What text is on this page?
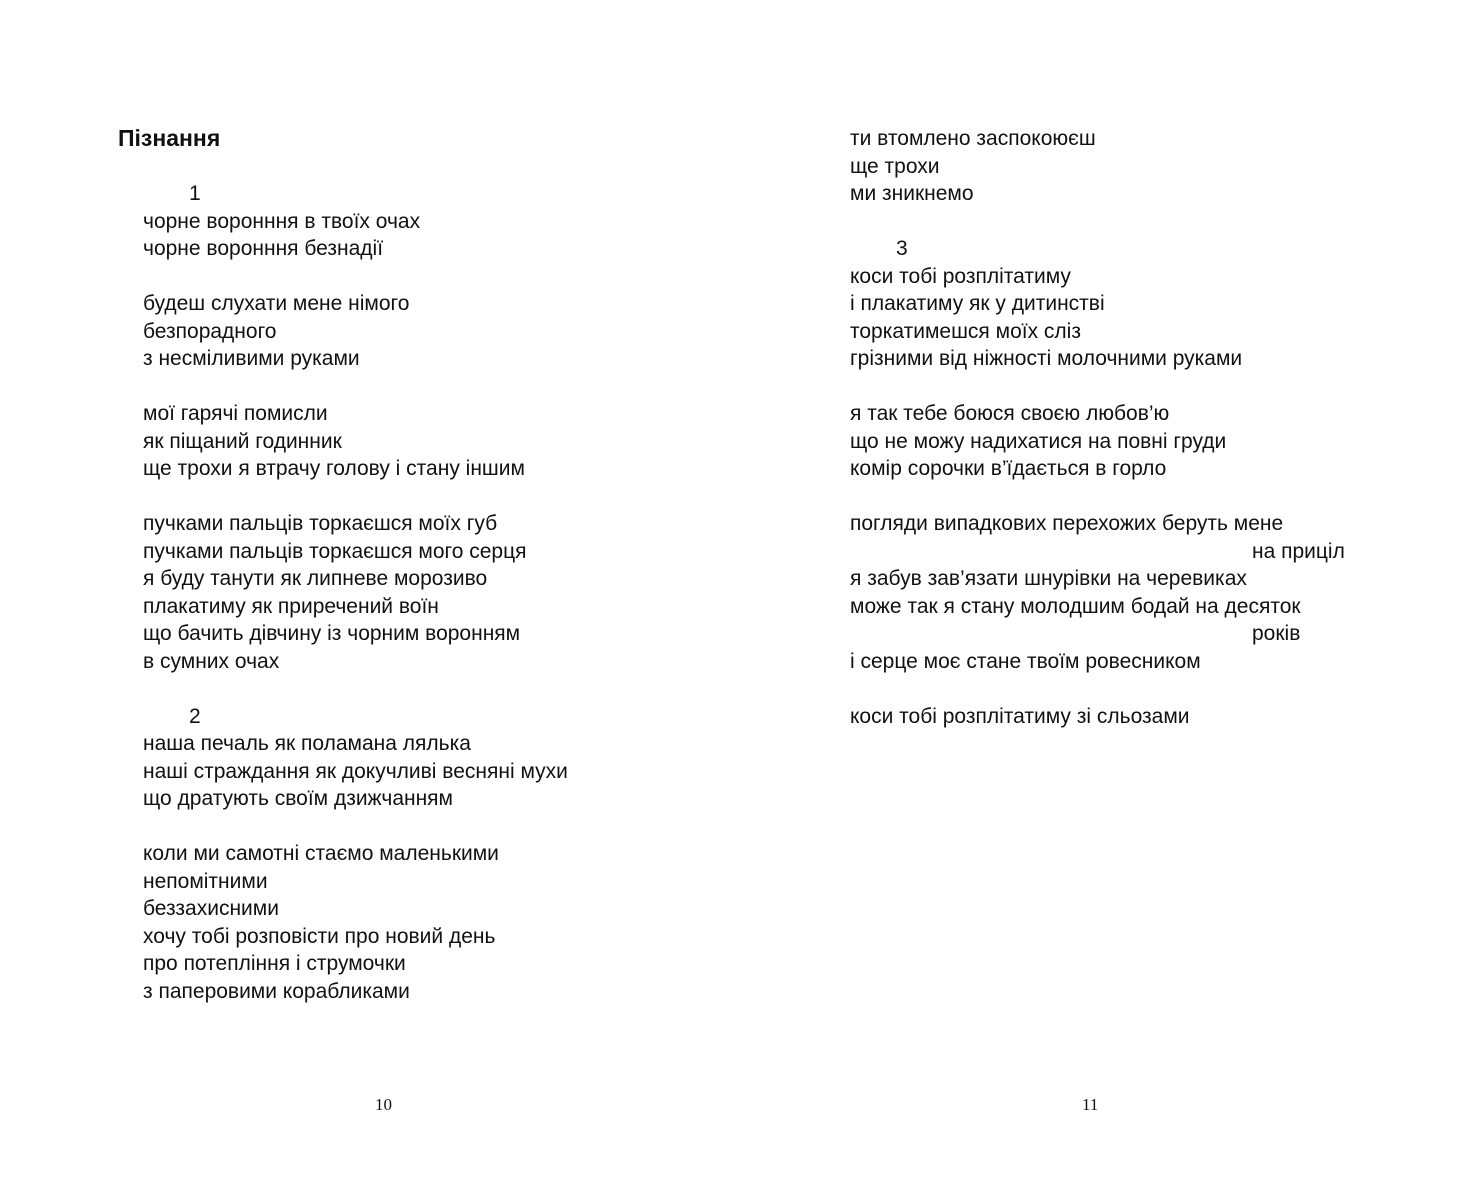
Пізнання
1
чорне воронння в твоїх очах
чорне воронння безнадії
будеш слухати мене німого
безпорадного
з несміливими руками
мої гарячі помисли
як піщаний годинник
ще трохи я втрачу голову і стану іншим
пучками пальців торкаєшся моїх губ
пучками пальців торкаєшся мого серця
я буду танути як липневе морозиво
плакатиму як приречений воїн
що бачить дівчину із чорним воронням
в сумних очах
2
наша печаль як поламана лялька
наші страждання як докучливі весняні мухи
що дратують своїм дзижчанням
коли ми самотні стаємо маленькими
непомітними
беззахисними
хочу тобі розповісти про новий день
про потепління і струмочки
з паперовими корабликами
10
ти втомлено заспокоюєш
ще трохи
ми зникнемо
3
коси тобі розплітатиму
і плакатиму як у дитинстві
торкатимешся моїх сліз
грізними від ніжності молочними руками
я так тебе боюся своєю любов’ю
що не можу надихатися на повні груди
комір сорочки в’їдається в горло
погляди випадкових перехожих беруть мене
на приціл
я забув зав’язати шнурівки на черевиках
може так я стану молодшим бодай на десяток
років
і серце моє стане твоїм ровесником
коси тобі розплітатиму зі сльозами
11
